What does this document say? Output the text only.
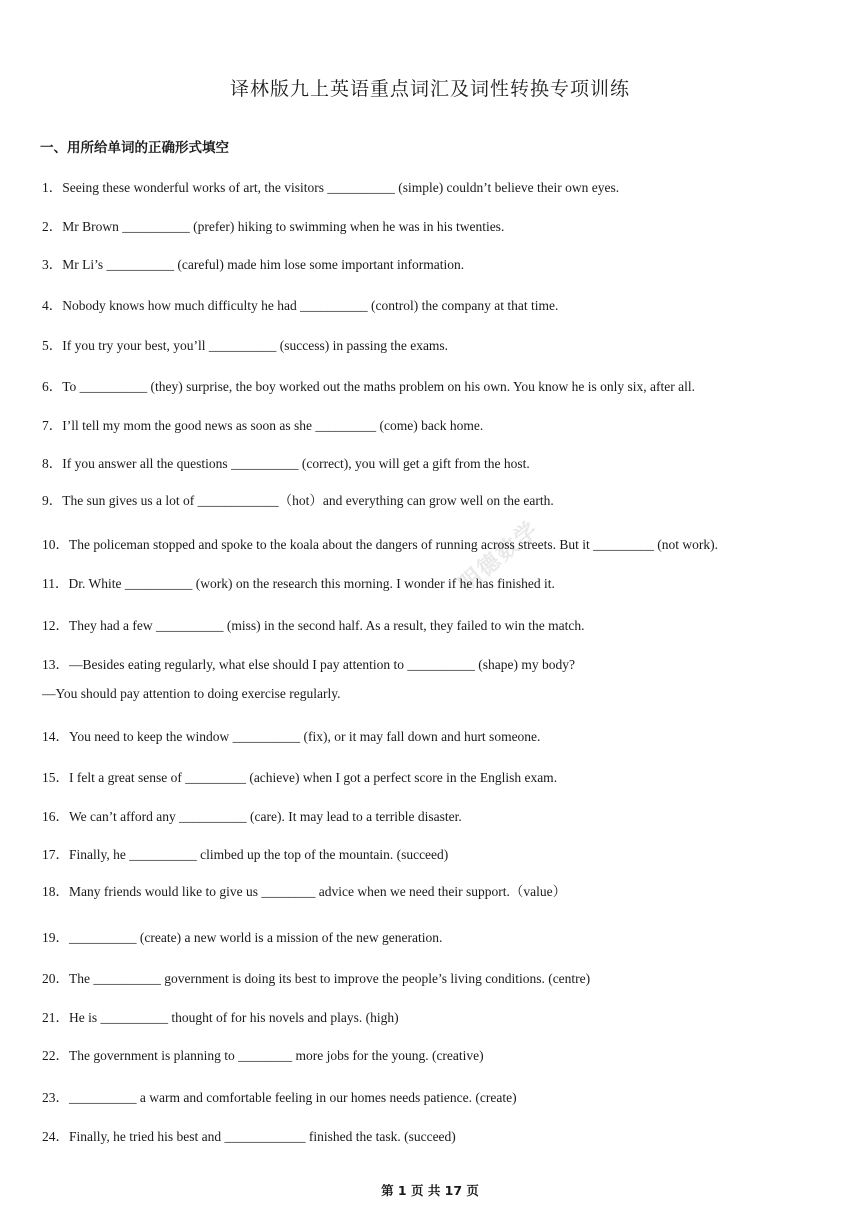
译林版九上英语重点词汇及词性转换专项训练
一、用所给单词的正确形式填空
明德数学
1．Seeing these wonderful works of art, the visitors __________ (simple) couldn’t believe their own eyes.
2．Mr Brown __________ (prefer) hiking to swimming when he was in his twenties.
3．Mr Li’s __________ (careful) made him lose some important information.
4．Nobody knows how much difficulty he had __________ (control) the company at that time.
5．If you try your best, you’ll __________ (success) in passing the exams.
6．To __________ (they) surprise, the boy worked out the maths problem on his own. You know he is only six, after all.
7．I’ll tell my mom the good news as soon as she _________ (come) back home.
8．If you answer all the questions __________ (correct), you will get a gift from the host.
9．The sun gives us a lot of ____________（hot）and everything can grow well on the earth.
10．The policeman stopped and spoke to the koala about the dangers of running across streets. But it _________ (not work).
11．Dr. White __________ (work) on the research this morning. I wonder if he has finished it.
12．They had a few __________ (miss) in the second half. As a result, they failed to win the match.
13．—Besides eating regularly, what else should I pay attention to __________ (shape) my body?
—You should pay attention to doing exercise regularly.
14．You need to keep the window __________ (fix), or it may fall down and hurt someone.
15．I felt a great sense of _________ (achieve) when I got a perfect score in the English exam.
16．We can’t afford any __________ (care). It may lead to a terrible disaster.
17．Finally, he __________ climbed up the top of the mountain. (succeed)
18．Many friends would like to give us ________ advice when we need their support.（value）
19．__________ (create) a new world is a mission of the new generation.
20．The __________ government is doing its best to improve the people’s living conditions. (centre)
21．He is __________ thought of for his novels and plays. (high)
22．The government is planning to ________ more jobs for the young. (creative)
23．__________ a warm and comfortable feeling in our homes needs patience. (create)
24．Finally, he tried his best and ____________ finished the task. (succeed)
第 1 页 共 17 页
